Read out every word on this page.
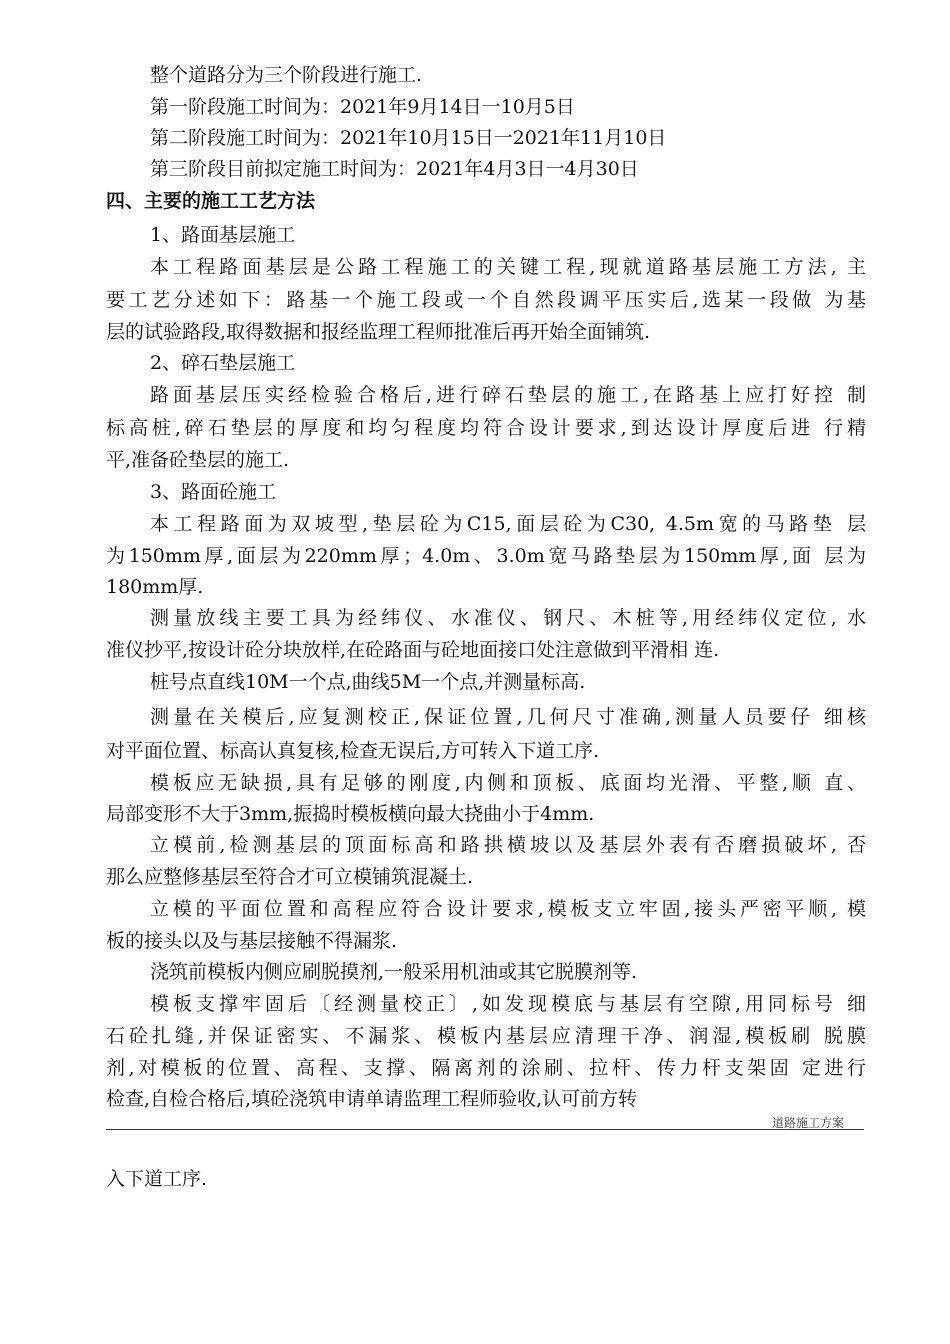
整个道路分为三个阶段进行施工.
第一阶段施工时间为：2021年9月14日一10月5日
第二阶段施工时间为：2021年10月15日一2021年11月10日
第三阶段目前拟定施工时间为：2021年4月3日一4月30日
四、主要的施工工艺方法
1、路面基层施工
本工程路面基层是公路工程施工的关键工程,现就道路基层施工方法, 主
要工艺分述如下：路基一个施工段或一个自然段调平压实后,选某一段做 为基
层的试验路段,取得数据和报经监理工程师批准后再开始全面铺筑.
2、碎石垫层施工
路面基层压实经检验合格后,进行碎石垫层的施工,在路基上应打好控 制
标高桩,碎石垫层的厚度和均匀程度均符合设计要求,到达设计厚度后进 行精
平,准备砼垫层的施工.
3、路面砼施工
本工程路面为双坡型,垫层砼为C15,面层砼为C30, 4.5m宽的马路垫 层
为150mm厚,面层为220mm厚；4.0m、3.0m宽马路垫层为150mm厚,面 层为
180mm厚.
测量放线主要工具为经纬仪、水准仪、钢尺、木桩等,用经纬仪定位, 水
准仪抄平,按设计砼分块放样,在砼路面与砼地面接口处注意做到平滑相 连.
桩号点直线10M一个点,曲线5M一个点,并测量标高.
测量在关模后,应复测校正,保证位置,几何尺寸准确,测量人员要仔 细核
对平面位置、标高认真复核,检查无误后,方可转入下道工序.
模板应无缺损,具有足够的刚度,内侧和顶板、底面均光滑、平整,顺 直、
局部变形不大于3mm,振捣时模板横向最大挠曲小于4mm.
立模前,检测基层的顶面标高和路拱横坡以及基层外表有否磨损破坏, 否
那么应整修基层至符合才可立模铺筑混凝土.
立模的平面位置和高程应符合设计要求,模板支立牢固,接头严密平顺, 模
板的接头以及与基层接触不得漏浆.
浇筑前模板内侧应刷脱摸剂,一般采用机油或其它脱膜剂等.
模板支撑牢固后〔经测量校正〕,如发现模底与基层有空隙,用同标号 细
石砼扎缝,并保证密实、不漏浆、模板内基层应清理干净、润湿,模板刷 脱膜
剂,对模板的位置、高程、支撑、隔离剂的涂刷、拉杆、传力杆支架固 定进行
检查,自检合格后,填砼浇筑申请单请监理工程师验收,认可前方转
道路施工方案
入下道工序.
